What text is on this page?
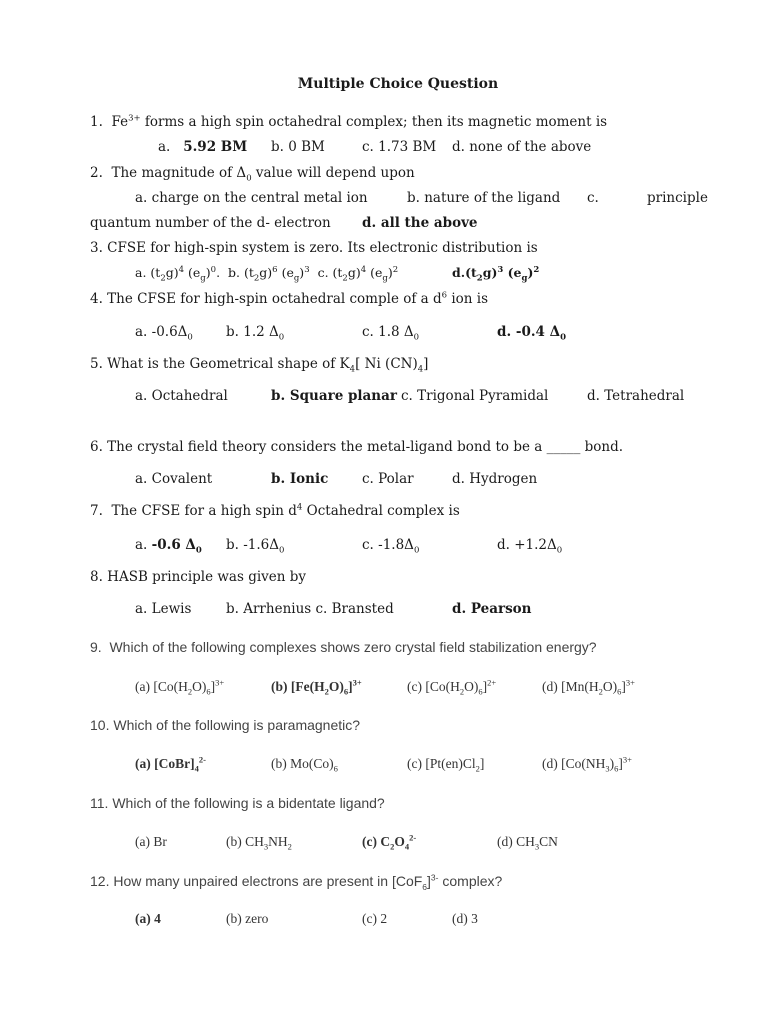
Multiple Choice Question
1. $Fe^{3+}$ forms a high spin octahedral complex; then its magnetic moment is
a. 5.92 BM b. 0 BM	c. 1.73 BM d. none of the above
2. The magnitude of $\Delta_0$ value will depend upon
a. charge on the central metal ion	b. nature of the ligand c.	principle
quantum number of the d- electron d. all the above
3. CFSE for high-spin system is zero. Its electronic distribution is
a. $(t_2g)^4$ $(e_g)^0$. b. $(t_2g)^6$ $(e_g)^3$ c. $(t_2g)^4$ $(e_g)^2$	$d.(t_2g)^3$ $(e_g)^2$
4. The CFSE for high-spin octahedral comple of a $d^6$ ion is
a. $-0.6\Delta_0$ b. 1.2 $\Delta_0$	c. 1.8 $\Delta_0$	d. -0.4 $\Delta_0$
5. What is the Geometrical shape of $K_4$[ Ni $(CN)_4$]
a. Octahedral	b. Square planar c. Trigonal Pyramidal	d. Tetrahedral
6. The crystal field theory considers the metal-ligand bond to be a _____ bond.
a. Covalent	b. Ionic c. Polar	d. Hydrogen
7. The CFSE for a high spin $d^4$ Octahedral complex is
a. -0.6 $\Delta_0$ b. $-1.6\Delta_0$	c. $-1.8\Delta_0$	d. $+1.2\Delta_0$
8. HASB principle was given by
a. Lewis	b. Arrhenius c. Bransted	d. Pearson
9. Which of the following complexes shows zero crystal field stabilization energy?
(a) $[Co(H_2O)_6]^{3+}$	(b) $[Fe(H_2O)_6]^{3+}$	(c) $[Co(H_2O)_6]^{2+}$	(d) $[Mn(H_2O)_6]^{3+}$
10. Which of the following is paramagnetic?
(a) $[CoBr]_4^{2-}$	(b) $Mo(Co)_6$	(c) $[Pt(en)Cl_2]$	(d) $[Co(NH_3)_6]^{3+}$
11. Which of the following is a bidentate ligand?
(a) Br	(b) $CH_3NH_2$	(c) $C_2O_4^{2-}$	(d) $CH_3CN$
12. How many unpaired electrons are present in $[CoF_6]^{3-}$ complex?
(a) 4	(b) zero	(c) 2	(d) 3
